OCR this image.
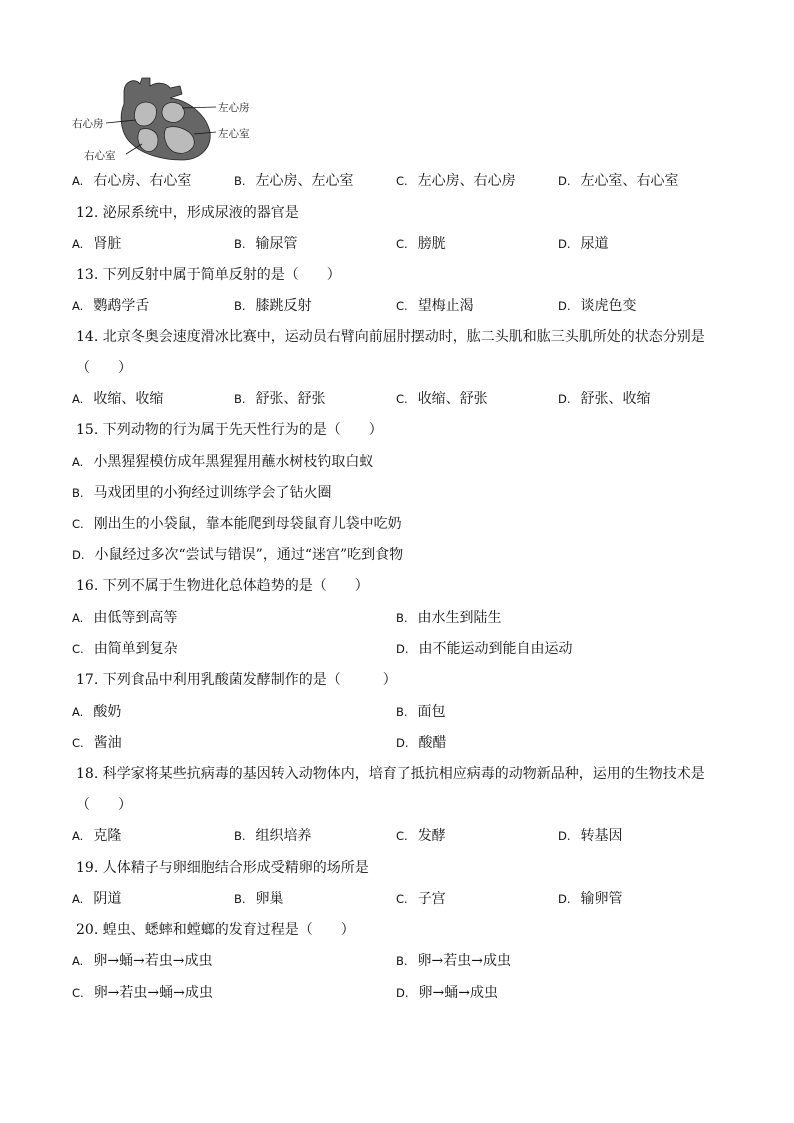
右心房
左心房
左心室
右心室
A. 右心房、右心室	B. 左心房、左心室	C. 左心房、右心房	D. 左心室、右心室
12. 泌尿系统中，形成尿液的器官是
A. 肾脏	B. 输尿管	C. 膀胱	D. 尿道
13. 下列反射中属于简单反射的是（　　）
A. 鹦鹉学舌	B. 膝跳反射	C. 望梅止渴	D. 谈虎色变
14. 北京冬奥会速度滑冰比赛中，运动员右臂向前屈肘摆动时，肱二头肌和肱三头肌所处的状态分别是
（　　）
A. 收缩、收缩	B. 舒张、舒张	C. 收缩、舒张	D. 舒张、收缩
15. 下列动物的行为属于先天性行为的是（　　）
A. 小黑猩猩模仿成年黑猩猩用蘸水树枝钓取白蚁
B. 马戏团里的小狗经过训练学会了钻火圈
C. 刚出生的小袋鼠，靠本能爬到母袋鼠育儿袋中吃奶
D. 小鼠经过多次“尝试与错误”，通过“迷宫”吃到食物
16. 下列不属于生物进化总体趋势的是（　　）
A. 由低等到高等	B. 由水生到陆生
C. 由简单到复杂	D. 由不能运动到能自由运动
17. 下列食品中利用乳酸菌发酵制作的是（　　　）
A. 酸奶	B. 面包
C. 酱油	D. 酸醋
18. 科学家将某些抗病毒的基因转入动物体内，培育了抵抗相应病毒的动物新品种，运用的生物技术是
（　　）
A. 克隆	B. 组织培养	C. 发酵	D. 转基因
19. 人体精子与卵细胞结合形成受精卵的场所是
A. 阴道	B. 卵巢	C. 子宫	D. 输卵管
20. 蝗虫、蟋蟀和螳螂的发育过程是（　　）
A. 卵→蛹→若虫→成虫	B. 卵→若虫→成虫
C. 卵→若虫→蛹→成虫	D. 卵→蛹→成虫
